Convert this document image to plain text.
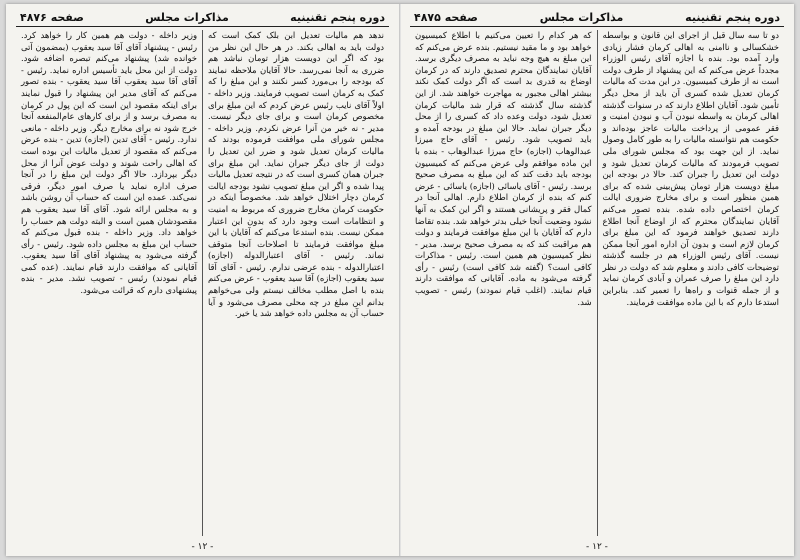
دوره پنجم تقنينيه
مذاکرات مجلس
صفحه ۴۸۷۶

ندهد هم مالیات تعدیل ابن بلک کمک است که دولت باید به اهالی بکند. در هر حال این نظر من بود که اگر این دویست هزار تومان نباشد هم ضرری به آنجا نمی‌رسد. حالا آقایان ملاحظه نمایند که بودجه را بی‌مورد کسر نکنند و این مبلغ را که کمک به کرمان است تصویب فرمایند. وزیر داخله - اولاً آقای نایب رئیس عرض کردم که این مبلغ برای مخصوص کرمان است و برای جای دیگر نیست. مدیر - نه خیر من آنرا عرض نکردم. وزیر داخله - مجلس شورای ملی موافقت فرموده بودند که مالیات کرمان تعدیل شود و ضرر این تعدیل را دولت از جای دیگر جبران نماید. این مبلغ برای جبران همان کسری است که در نتیجه تعدیل مالیات پیدا شده و اگر این مبلغ تصویب نشود بودجه ایالت کرمان دچار اختلال خواهد شد. مخصوصاً اینکه در حکومت کرمان مخارج ضروری که مربوط به امنیت و انتظامات است وجود دارد که بدون این اعتبار ممکن نیست. بنده استدعا می‌کنم که آقایان با این مبلغ موافقت فرمایند تا اصلاحات آنجا متوقف نماند. رئیس - آقای اعتبارالدوله (اجازه) اعتبارالدوله - بنده عرضی ندارم. رئیس - آقای آقا سید یعقوب (اجازه) آقا سید یعقوب - عرض می‌کنم بنده با اصل مطلب مخالف نیستم ولی می‌خواهم بدانم این مبلغ در چه محلی مصرف می‌شود و آیا حساب آن به مجلس داده خواهد شد یا خیر.

وزیر داخله - دولت هم همین کار را خواهد کرد. رئیس - پیشنهاد آقای آقا سید یعقوب (بمضمون آتی خوانده شد) پیشنهاد می‌کنم تبصره اضافه شود. دولت از این محل باید تأسیس اداره نماید. رئیس - آقای آقا سید یعقوب آقا سید یعقوب - بنده تصور می‌کنم که آقای مدیر این پیشنهاد را قبول نمایند برای اینکه مقصود این است که این پول در کرمان به مصرف برسد و از برای کارهای عام‌المنفعه آنجا خرج شود نه برای مخارج دیگر. وزیر داخله - مانعی ندارد. رئیس - آقای تدین (اجازه) تدین - بنده عرض می‌کنم که مقصود از تعدیل مالیات این بوده است که اهالی راحت شوند و دولت عوض آنرا از محل دیگر بپردازد. حالا اگر دولت این مبلغ را در آنجا صرف اداره نماید یا صرف امور دیگر، فرقی نمی‌کند. عمده این است که حساب آن روشن باشد و به مجلس ارائه شود. آقای آقا سید یعقوب هم مقصودشان همین است و البته دولت هم حساب را خواهد داد. وزیر داخله - بنده قبول می‌کنم که حساب این مبلغ به مجلس داده شود. رئیس - رأی گرفته می‌شود به پیشنهاد آقای آقا سید یعقوب. آقایانی که موافقت دارند قیام نمایند. (عده کمی قیام نمودند) رئیس - تصویب نشد. مدیر - بنده پیشنهادی دارم که قرائت می‌شود.

- ۱۲ -
دوره پنجم تقنينيه
مذاکرات مجلس
صفحه ۴۸۷۵

دو تا سه سال قبل از اجرای این قانون و بواسطه خشکسالی و ناامنی به اهالی کرمان فشار زیادی وارد آمده بود. بنده با اجازه آقای رئیس الوزراء مجدداً عرض می‌کنم که این پیشنهاد از طرف دولت است نه از طرف کمیسیون. در این مدت که مالیات کرمان تعدیل شده کسری آن باید از محل دیگر تأمین شود. آقایان اطلاع دارند که در سنوات گذشته اهالی کرمان به واسطه نبودن آب و نبودن امنیت و فقر عمومی از پرداخت مالیات عاجز بوده‌اند و حکومت هم نتوانسته مالیات را به طور کامل وصول نماید. از این جهت بود که مجلس شورای ملی تصویب فرمودند که مالیات کرمان تعدیل شود و دولت این تعدیل را جبران کند. حالا در بودجه این مبلغ دویست هزار تومان پیش‌بینی شده که برای همین منظور است و برای مخارج ضروری ایالت کرمان اختصاص داده شده. بنده تصور می‌کنم آقایان نمایندگان محترم که از اوضاع آنجا اطلاع دارند تصدیق خواهند فرمود که این مبلغ برای کرمان لازم است و بدون آن اداره امور آنجا ممکن نیست. آقای رئیس الوزراء هم در جلسه گذشته توضیحات کافی دادند و معلوم شد که دولت در نظر دارد این مبلغ را صرف عمران و آبادی کرمان نماید و از جمله قنوات و راه‌ها را تعمیر کند. بنابراین استدعا دارم که با این ماده موافقت فرمایند.

که هر کدام را تعیین می‌کنیم با اطلاع کمیسیون خواهد بود و ما مقید نیستیم. بنده عرض می‌کنم که این مبلغ به هیچ وجه نباید به مصرف دیگری برسد. آقایان نمایندگان محترم تصدیق دارند که در کرمان اوضاع به قدری بد است که اگر دولت کمک نکند بیشتر اهالی مجبور به مهاجرت خواهند شد. از این گذشته سال گذشته که قرار شد مالیات کرمان تعدیل شود، دولت وعده داد که کسری را از محل دیگر جبران نماید. حالا این مبلغ در بودجه آمده و باید تصویب شود. رئیس - آقای حاج میرزا عبدالوهاب (اجازه) حاج میرزا عبدالوهاب - بنده با این ماده موافقم ولی عرض می‌کنم که کمیسیون بودجه باید دقت کند که این مبلغ به مصرف صحیح برسد. رئیس - آقای یاسائی (اجازه) یاسائی - عرض کنم که بنده از کرمان اطلاع دارم. اهالی آنجا در کمال فقر و پریشانی هستند و اگر این کمک به آنها نشود وضعیت آنجا خیلی بدتر خواهد شد. بنده تقاضا دارم که آقایان با این مبلغ موافقت فرمایند و دولت هم مراقبت کند که به مصرف صحیح برسد. مدیر - نظر کمیسیون هم همین است. رئیس - مذاکرات کافی است؟ (گفته شد کافی است) رئیس - رأی گرفته می‌شود به ماده. آقایانی که موافقت دارند قیام نمایند. (اغلب قیام نمودند) رئیس - تصویب شد.

- ۱۲ -
